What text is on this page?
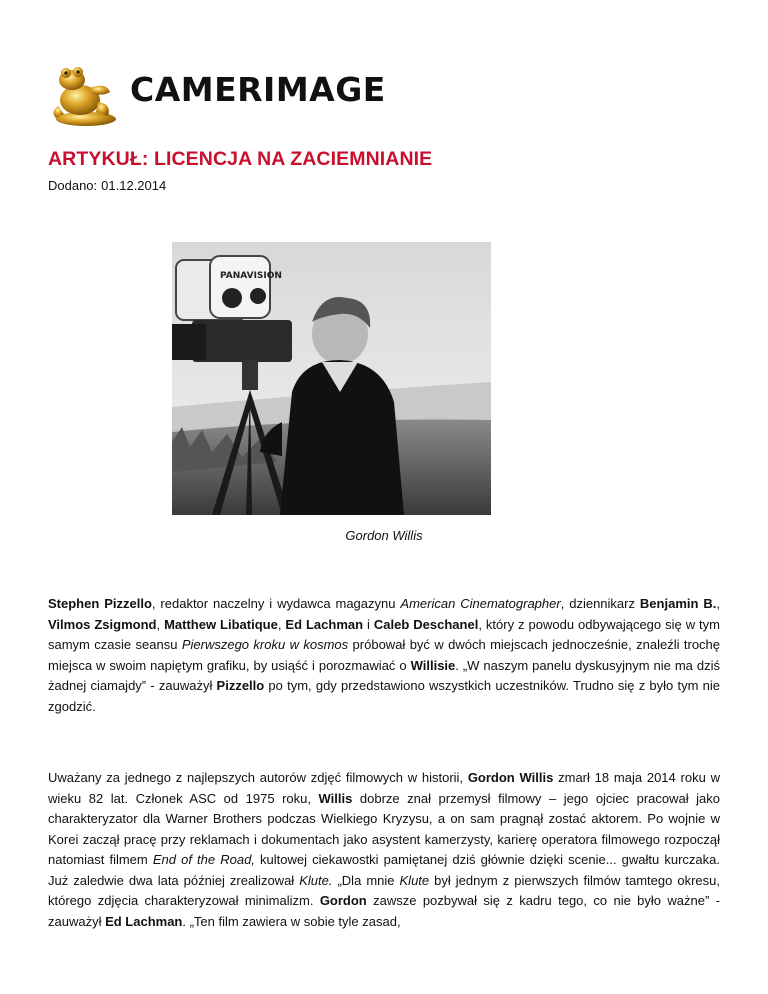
CAMERIMAGE
ARTYKUŁ: LICENCJA NA ZACIEMNIANIE
Dodano: 01.12.2014
PANAVISION
Gordon Willis

Stephen Pizzello, redaktor naczelny i wydawca magazynu American Cinematographer, dziennikarz Benjamin B., Vilmos Zsigmond, Matthew Libatique, Ed Lachman i Caleb Deschanel, który z powodu odbywającego się w tym samym czasie seansu Pierwszego kroku w kosmos próbował być w dwóch miejscach jednocześnie, znaleźli trochę miejsca w swoim napiętym grafiku, by usiąść i porozmawiać o Willisie. „W naszym panelu dyskusyjnym nie ma dziś żadnej ciamajdy” - zauważył Pizzello po tym, gdy przedstawiono wszystkich uczestników. Trudno się z było tym nie zgodzić.

Uważany za jednego z najlepszych autorów zdjęć filmowych w historii, Gordon Willis zmarł 18 maja 2014 roku w wieku 82 lat. Członek ASC od 1975 roku, Willis dobrze znał przemysł filmowy – jego ojciec pracował jako charakteryzator dla Warner Brothers podczas Wielkiego Kryzysu, a on sam pragnął zostać aktorem. Po wojnie w Korei zaczął pracę przy reklamach i dokumentach jako asystent kamerzysty, karierę operatora filmowego rozpoczął natomiast filmem End of the Road, kultowej ciekawostki pamiętanej dziś głównie dzięki scenie... gwałtu kurczaka. Już zaledwie dwa lata później zrealizował Klute. „Dla mnie Klute był jednym z pierwszych filmów tamtego okresu, którego zdjęcia charakteryzował minimalizm. Gordon zawsze pozbywał się z kadru tego, co nie było ważne” - zauważył Ed Lachman. „Ten film zawiera w sobie tyle zasad,
